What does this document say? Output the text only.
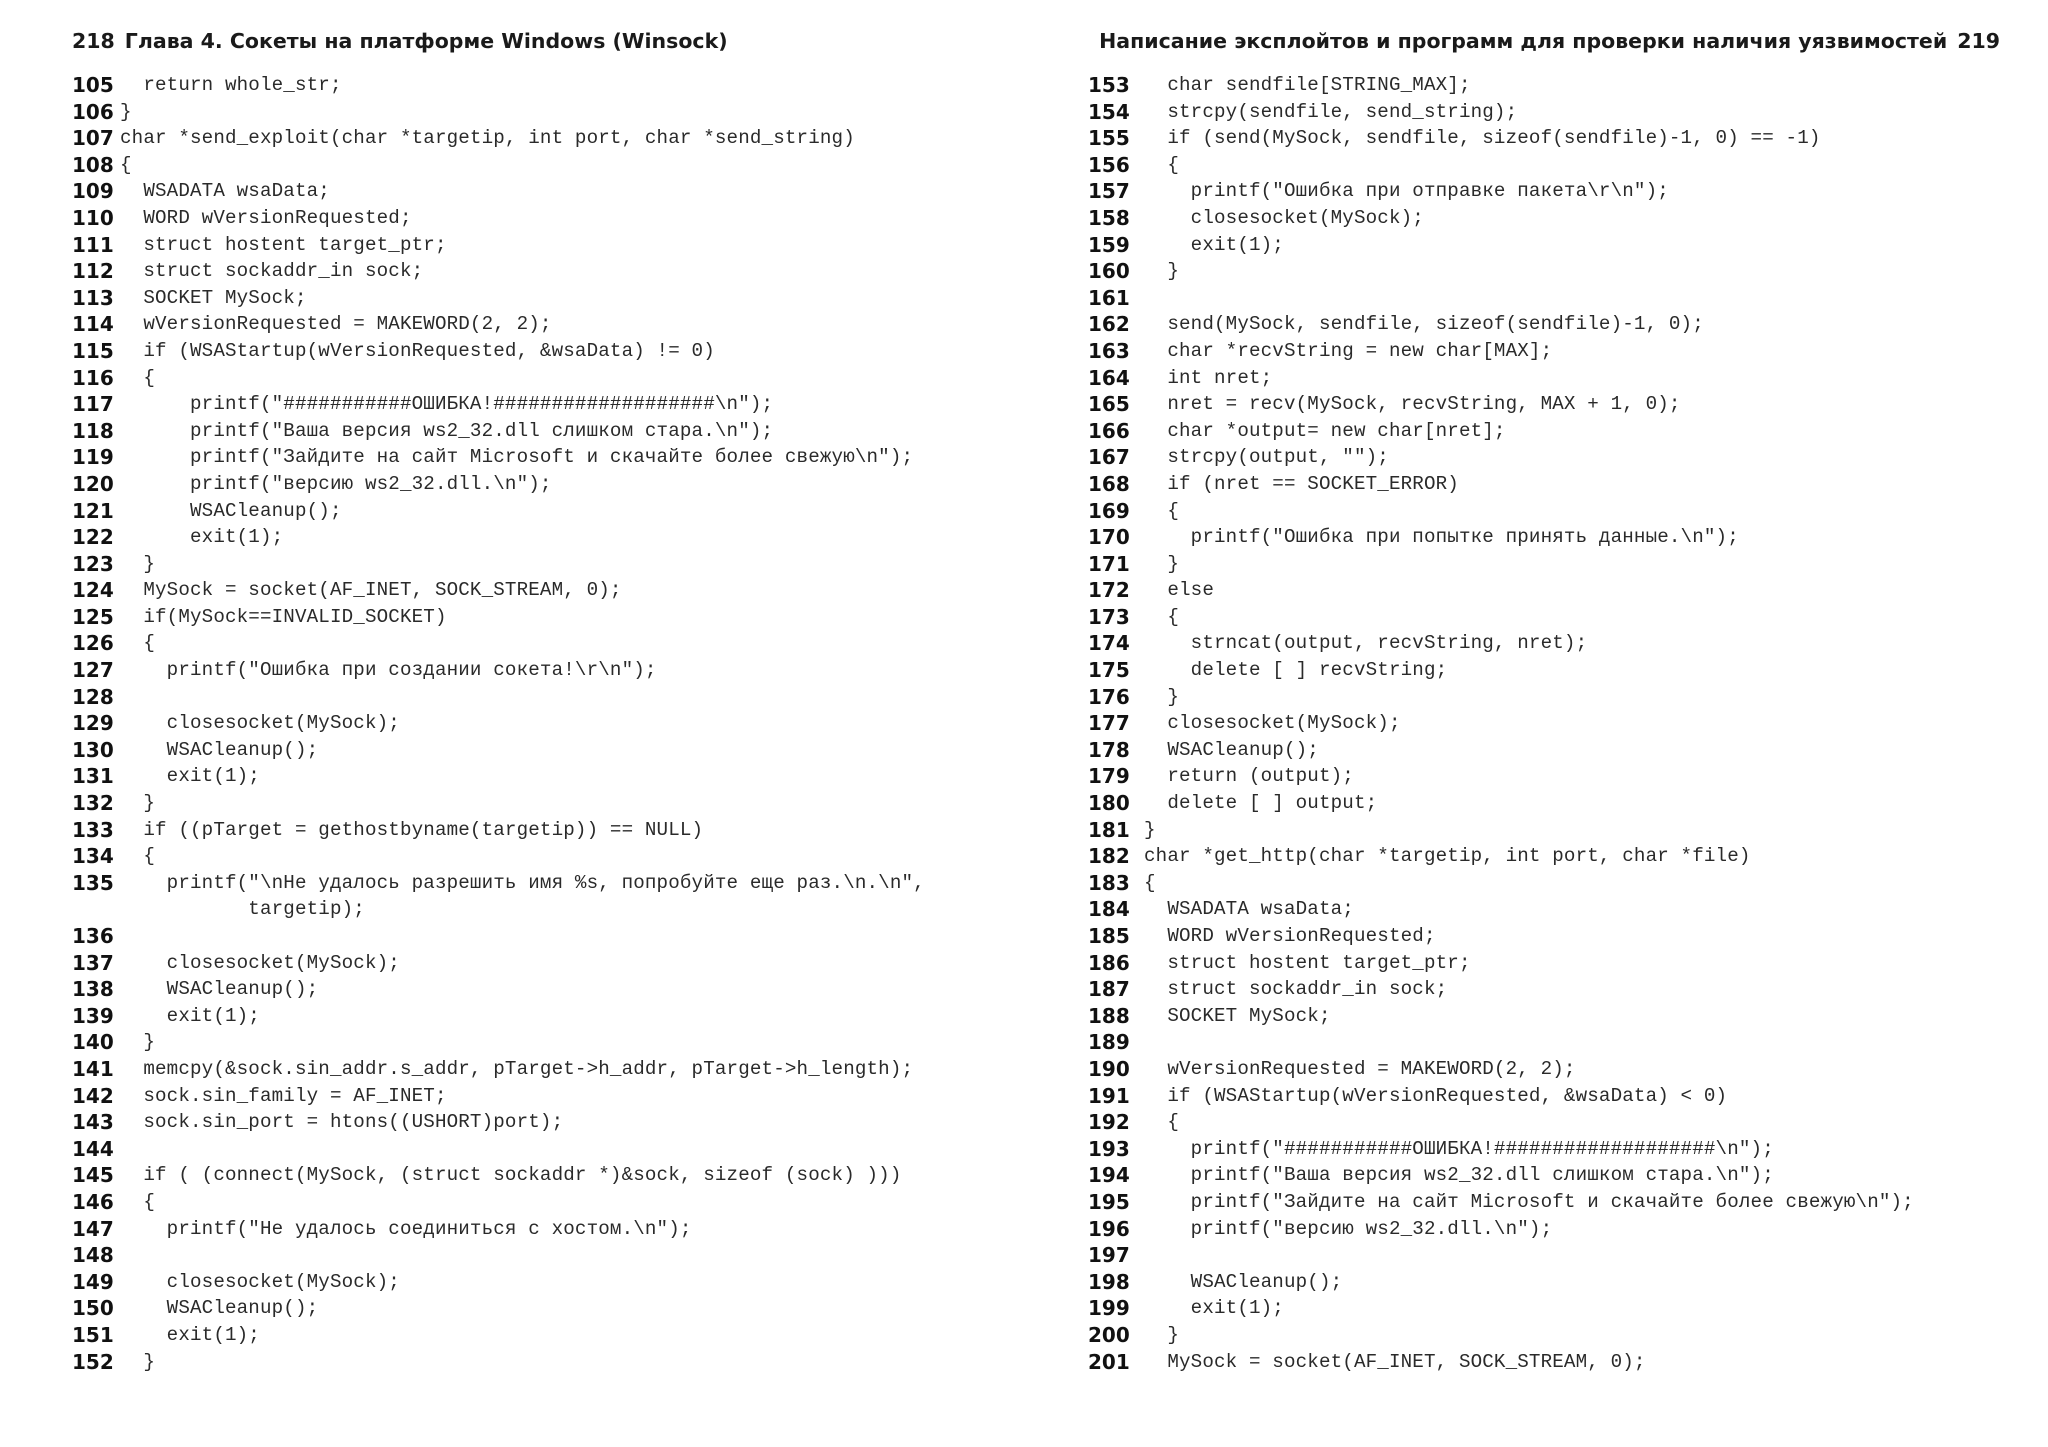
218 Глава 4. Сокеты на платформе Windows (Winsock)
105 return whole_str;
106 }
107 char *send_exploit(char *targetip, int port, char *send_string)
108 {
109 WSADATA wsaData;
110 WORD wVersionRequested;
111 struct hostent target_ptr;
112 struct sockaddr_in sock;
113 SOCKET MySock;
114 wVersionRequested = MAKEWORD(2, 2);
115 if (WSAStartup(wVersionRequested, &wsaData) != 0)
116 {
117 printf("###########ОШИБКА!###################\n");
118 printf("Ваша версия ws2_32.dll слишком стара.\n");
119 printf("Зайдите на сайт Microsoft и скачайте более свежую\n");
120 printf("версию ws2_32.dll.\n");
121 WSACleanup();
122 exit(1);
123 }
124 MySock = socket(AF_INET, SOCK_STREAM, 0);
125 if(MySock==INVALID_SOCKET)
126 {
127 printf("Ошибка при создании сокета!\r\n");
128
129 closesocket(MySock);
130 WSACleanup();
131 exit(1);
132 }
133 if ((pTarget = gethostbyname(targetip)) == NULL)
134 {
135 printf("\nНе удалось разрешить имя %s, попробуйте еще раз.\n.\n",
targetip);
136
137 closesocket(MySock);
138 WSACleanup();
139 exit(1);
140 }
141 memcpy(&sock.sin_addr.s_addr, pTarget->h_addr, pTarget->h_length);
142 sock.sin_family = AF_INET;
143 sock.sin_port = htons((USHORT)port);
144
145 if ( (connect(MySock, (struct sockaddr *)&sock, sizeof (sock) )))
146 {
147 printf("Не удалось соединиться с хостом.\n");
148
149 closesocket(MySock);
150 WSACleanup();
151 exit(1);
152 }
Написание эксплойтов и программ для проверки наличия уязвимостей 219
153 char sendfile[STRING_MAX];
154 strcpy(sendfile, send_string);
155 if (send(MySock, sendfile, sizeof(sendfile)-1, 0) == -1)
156 {
157 printf("Ошибка при отправке пакета\r\n");
158 closesocket(MySock);
159 exit(1);
160 }
161
162 send(MySock, sendfile, sizeof(sendfile)-1, 0);
163 char *recvString = new char[MAX];
164 int nret;
165 nret = recv(MySock, recvString, MAX + 1, 0);
166 char *output= new char[nret];
167 strcpy(output, "");
168 if (nret == SOCKET_ERROR)
169 {
170 printf("Ошибка при попытке принять данные.\n");
171 }
172 else
173 {
174 strncat(output, recvString, nret);
175 delete [ ] recvString;
176 }
177 closesocket(MySock);
178 WSACleanup();
179 return (output);
180 delete [ ] output;
181 }
182 char *get_http(char *targetip, int port, char *file)
183 {
184 WSADATA wsaData;
185 WORD wVersionRequested;
186 struct hostent target_ptr;
187 struct sockaddr_in sock;
188 SOCKET MySock;
189
190 wVersionRequested = MAKEWORD(2, 2);
191 if (WSAStartup(wVersionRequested, &wsaData) < 0)
192 {
193 printf("###########ОШИБКА!###################\n");
194 printf("Ваша версия ws2_32.dll слишком стара.\n");
195 printf("Зайдите на сайт Microsoft и скачайте более свежую\n");
196 printf("версию ws2_32.dll.\n");
197
198 WSACleanup();
199 exit(1);
200 }
201 MySock = socket(AF_INET, SOCK_STREAM, 0);
